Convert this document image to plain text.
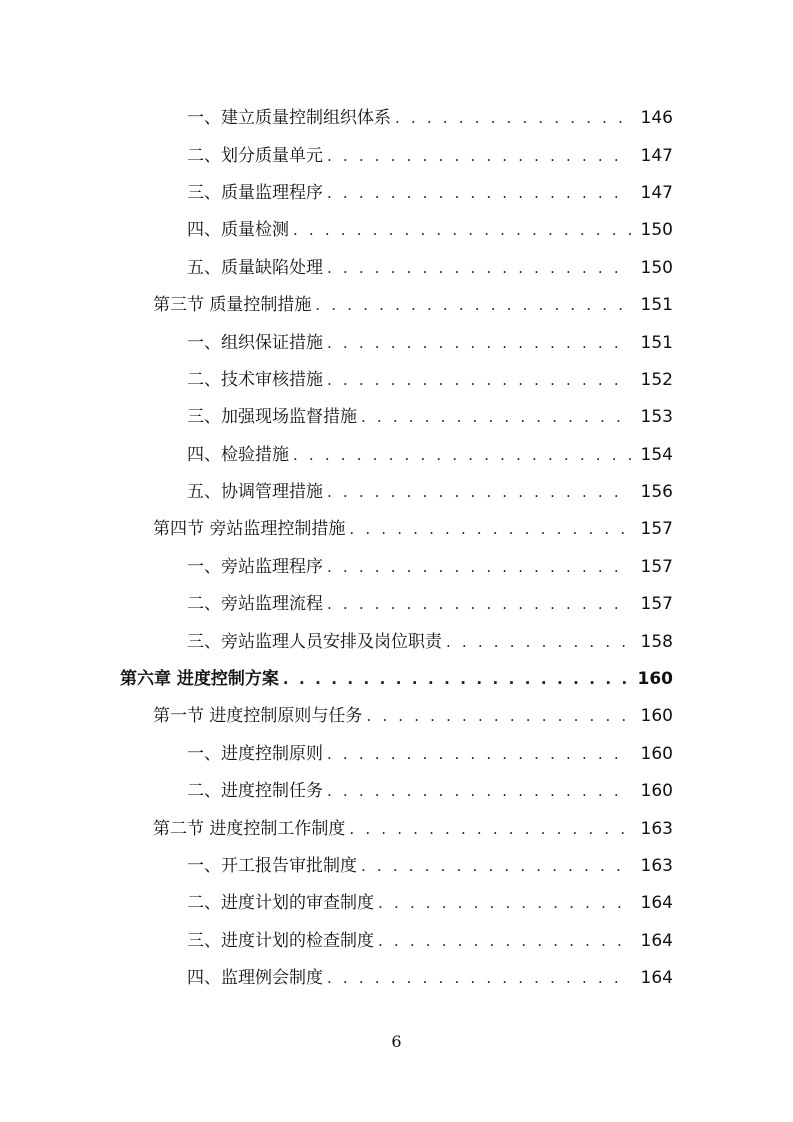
一、建立质量控制组织体系 . . .	146
二、划分质量单元 . . .	147
三、质量监理程序 . . .	147
四、质量检测 . . .	150
五、质量缺陷处理 . . .	150
第三节 质量控制措施 . . .	151
一、组织保证措施 . . .	151
二、技术审核措施 . . .	152
三、加强现场监督措施 . . .	153
四、检验措施 . . .	154
五、协调管理措施 . . .	156
第四节 旁站监理控制措施 . . .	157
一、旁站监理程序 . . .	157
二、旁站监理流程 . . .	157
三、旁站监理人员安排及岗位职责 . . .	158
第六章 进度控制方案 . . .	160
第一节 进度控制原则与任务 . . .	160
一、进度控制原则 . . .	160
二、进度控制任务 . . .	160
第二节 进度控制工作制度 . . .	163
一、开工报告审批制度 . . .	163
二、进度计划的审查制度 . . .	164
三、进度计划的检查制度 . . .	164
四、监理例会制度 . . .	164
6
